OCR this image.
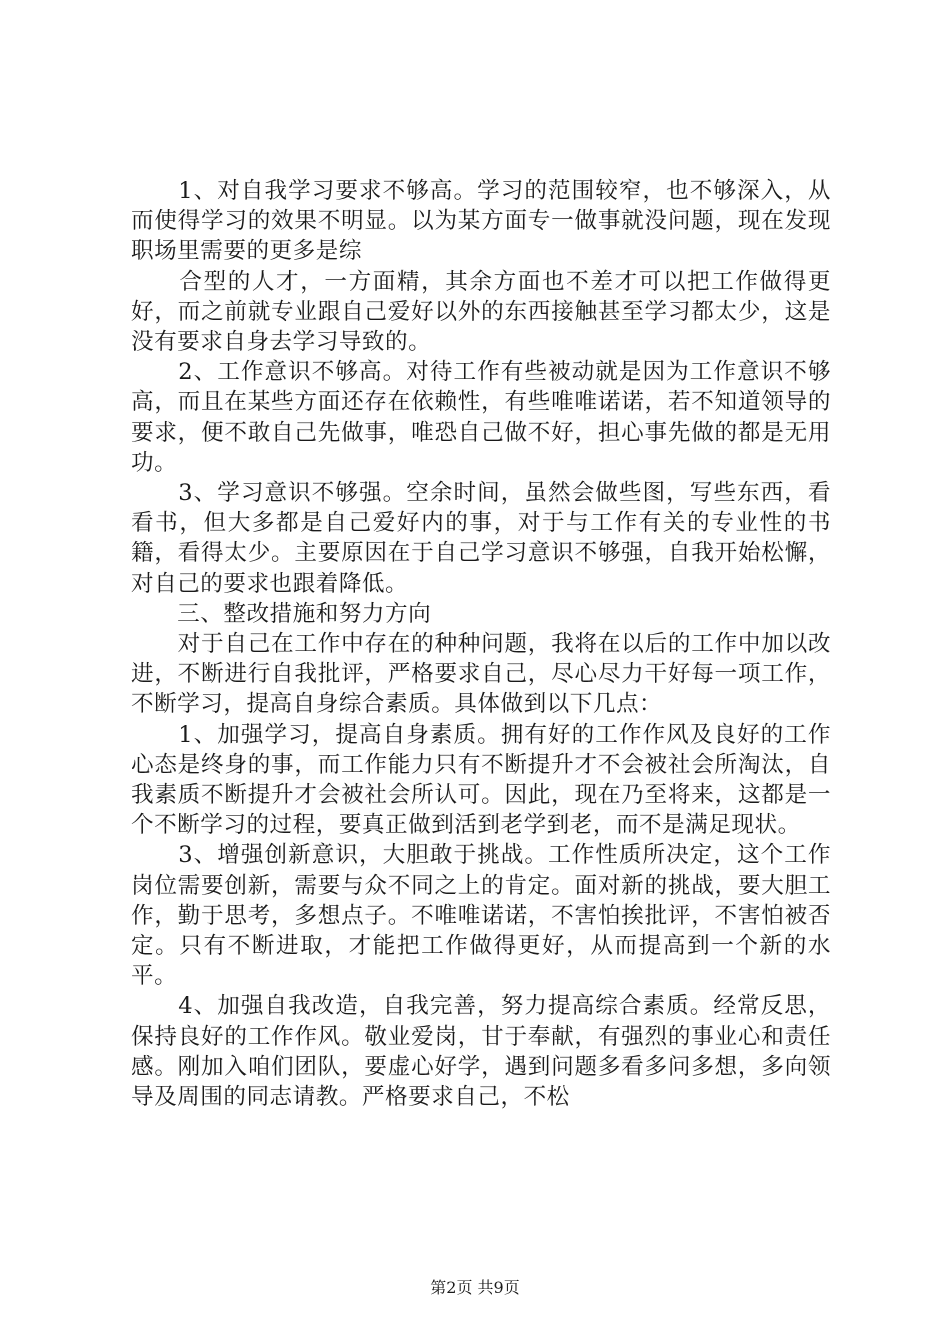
　　1、对自我学习要求不够高。学习的范围较窄，也不够深入，从而使得学习的效果不明显。以为某方面专一做事就没问题，现在发现职场里需要的更多是综

　　合型的人才，一方面精，其余方面也不差才可以把工作做得更好，而之前就专业跟自己爱好以外的东西接触甚至学习都太少，这是没有要求自身去学习导致的。

　　2、工作意识不够高。对待工作有些被动就是因为工作意识不够高，而且在某些方面还存在依赖性，有些唯唯诺诺，若不知道领导的要求，便不敢自己先做事，唯恐自己做不好，担心事先做的都是无用功。

　　3、学习意识不够强。空余时间，虽然会做些图，写些东西，看看书，但大多都是自己爱好内的事，对于与工作有关的专业性的书籍，看得太少。主要原因在于自己学习意识不够强，自我开始松懈，对自己的要求也跟着降低。

　　三、整改措施和努力方向

　　对于自己在工作中存在的种种问题，我将在以后的工作中加以改进，不断进行自我批评，严格要求自己，尽心尽力干好每一项工作，不断学习，提高自身综合素质。具体做到以下几点：

　　1、加强学习，提高自身素质。拥有好的工作作风及良好的工作心态是终身的事，而工作能力只有不断提升才不会被社会所淘汰，自我素质不断提升才会被社会所认可。因此，现在乃至将来，这都是一个不断学习的过程，要真正做到活到老学到老，而不是满足现状。

　　3、增强创新意识，大胆敢于挑战。工作性质所决定，这个工作岗位需要创新，需要与众不同之上的肯定。面对新的挑战，要大胆工作，勤于思考，多想点子。不唯唯诺诺，不害怕挨批评，不害怕被否定。只有不断进取，才能把工作做得更好，从而提高到一个新的水平。

　　4、加强自我改造，自我完善，努力提高综合素质。经常反思，保持良好的工作作风。敬业爱岗，甘于奉献，有强烈的事业心和责任感。刚加入咱们团队，要虚心好学，遇到问题多看多问多想，多向领导及周围的同志请教。严格要求自己，不松

第2页 共9页
